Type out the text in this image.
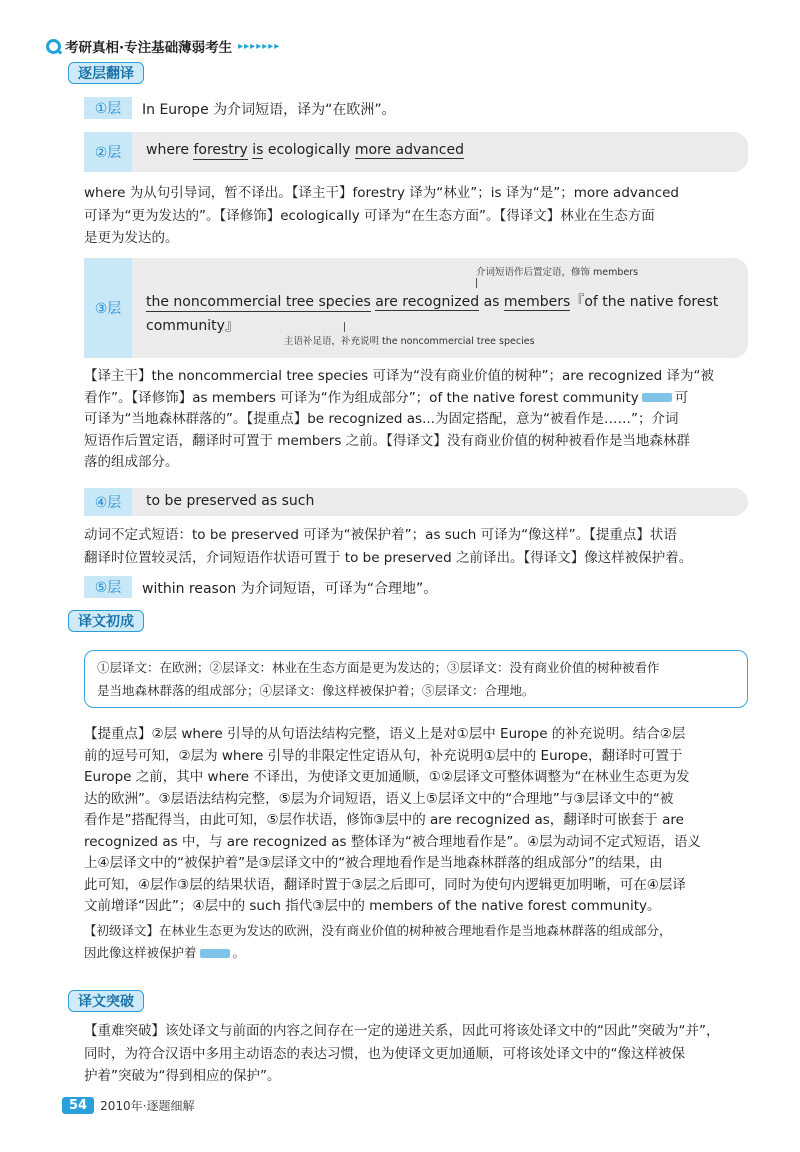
考研真相·专注基础薄弱考生 ▸▸▸▸▸▸▸
逐层翻译
①层	In Europe 为介词短语，译为“在欧洲”。
②层	where forestry is ecologically more advanced
where 为从句引导词，暂不译出。【译主干】forestry 译为“林业”；is 译为“是”；more advanced
可译为“更为发达的”。【译修饰】ecologically 可译为“在生态方面”。【得译文】林业在生态方面
是更为发达的。
③层
介词短语作后置定语，修饰 members
the noncommercial tree species are recognized as members『of the native forest
community』
主语补足语，补充说明 the noncommercial tree species
【译主干】the noncommercial tree species 可译为“没有商业价值的树种”；are recognized 译为“被
看作”。【译修饰】as members 可译为“作为组成部分”；of the native forest community	可
可译为“当地森林群落的”。【提重点】be recognized as...为固定搭配，意为“被看作是……”；介词
短语作后置定语，翻译时可置于 members 之前。【得译文】没有商业价值的树种被看作是当地森林群
落的组成部分。
④层	to be preserved as such
动词不定式短语：to be preserved 可译为“被保护着”；as such 可译为“像这样”。【提重点】状语
翻译时位置较灵活，介词短语作状语可置于 to be preserved 之前译出。【得译文】像这样被保护着。
⑤层	within reason 为介词短语，可译为“合理地”。
译文初成
①层译文：在欧洲；②层译文：林业在生态方面是更为发达的；③层译文：没有商业价值的树种被看作
是当地森林群落的组成部分；④层译文：像这样被保护着；⑤层译文：合理地。
【提重点】②层 where 引导的从句语法结构完整，语义上是对①层中 Europe 的补充说明。结合②层
前的逗号可知，②层为 where 引导的非限定性定语从句，补充说明①层中的 Europe，翻译时可置于
Europe 之前，其中 where 不译出，为使译文更加通顺，①②层译文可整体调整为“在林业生态更为发
达的欧洲”。③层语法结构完整，⑤层为介词短语，语义上⑤层译文中的“合理地”与③层译文中的“被
看作是”搭配得当，由此可知，⑤层作状语，修饰③层中的 are recognized as，翻译时可嵌套于 are
recognized as 中，与 are recognized as 整体译为“被合理地看作是”。④层为动词不定式短语，语义
上④层译文中的“被保护着”是③层译文中的“被合理地看作是当地森林群落的组成部分”的结果，由
此可知，④层作③层的结果状语，翻译时置于③层之后即可，同时为使句内逻辑更加明晰，可在④层译
文前增译“因此”；④层中的 such 指代③层中的 members of the native forest community。
【初级译文】在林业生态更为发达的欧洲，没有商业价值的树种被合理地看作是当地森林群落的组成部分，
因此像这样被保护着	。
译文突破
【重难突破】该处译文与前面的内容之间存在一定的递进关系，因此可将该处译文中的“因此”突破为“并”，
同时，为符合汉语中多用主动语态的表达习惯，也为使译文更加通顺，可将该处译文中的“像这样被保
护着”突破为“得到相应的保护”。
54	2010年·逐题细解
